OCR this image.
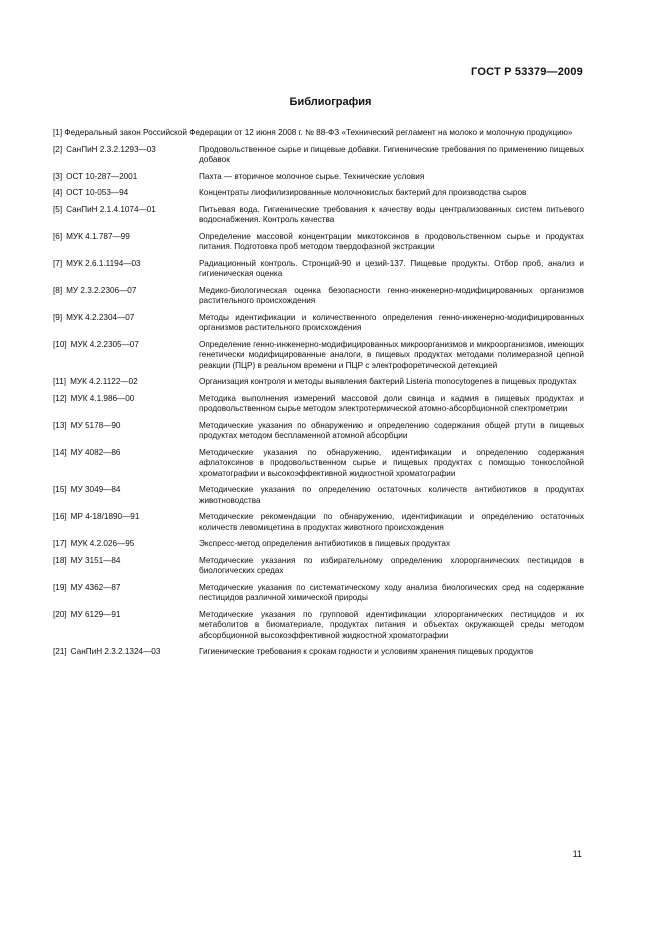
ГОСТ Р 53379—2009
Библиография
[1] Федеральный закон Российской Федерации от 12 июня 2008 г. № 88-ФЗ «Технический регламент на молоко и молочную продукцию»
[2] СанПиН 2.3.2.1293—03	Продовольственное сырье и пищевые добавки. Гигиенические требования по применению пищевых добавок
[3] ОСТ 10-287—2001	Пахта — вторичное молочное сырье. Технические условия
[4] ОСТ 10-053—94	Концентраты лиофилизированные молочнокислых бактерий для производства сыров
[5] СанПиН 2.1.4.1074—01	Питьевая вода. Гигиенические требования к качеству воды централизованных систем питьевого водоснабжения. Контроль качества
[6] МУК 4.1.787—99	Определение массовой концентрации микотоксинов в продовольственном сырье и продуктах питания. Подготовка проб методом твердофазной экстракции
[7] МУК 2.6.1.1194—03	Радиационный контроль. Стронций-90 и цезий-137. Пищевые продукты. Отбор проб, анализ и гигиеническая оценка
[8] МУ 2.3.2.2306—07	Медико-биологическая оценка безопасности генно-инженерно-модифицированных организмов растительного происхождения
[9] МУК 4.2.2304—07	Методы идентификации и количественного определения генно-инженерно-модифицированных организмов растительного происхождения
[10] МУК 4.2.2305—07	Определение генно-инженерно-модифицированных микроорганизмов и микроорганизмов, имеющих генетически модифицированные аналоги, в пищевых продуктах методами полимеразной цепной реакции (ПЦР) в реальном времени и ПЦР с электрофоретической детекцией
[11] МУК 4.2.1122—02	Организация контроля и методы выявления бактерий Listeria monocytogenes в пищевых продуктах
[12] МУК 4.1.986—00	Методика выполнения измерений массовой доли свинца и кадмия в пищевых продуктах и продовольственном сырье методом электротермической атомно-абсорбционной спектрометрии
[13] МУ 5178—90	Методические указания по обнаружению и определению содержания общей ртути в пищевых продуктах методом беспламенной атомной абсорбции
[14] МУ 4082—86	Методические указания по обнаружению, идентификации и определению содержания афлатоксинов в продовольственном сырье и пищевых продуктах с помощью тонкослойной хроматографии и высокоэффективной жидкостной хроматографии
[15] МУ 3049—84	Методические указания по определению остаточных количеств антибиотиков в продуктах животноводства
[16] МР 4-18/1890—91	Методические рекомендации по обнаружению, идентификации и определению остаточных количеств левомицетина в продуктах животного происхождения
[17] МУК 4.2.026—95	Экспресс-метод определения антибиотиков в пищевых продуктах
[18] МУ 3151—84	Методические указания по избирательному определению хлорорганических пестицидов в биологических средах
[19] МУ 4362—87	Методические указания по систематическому ходу анализа биологических сред на содержание пестицидов различной химической природы
[20] МУ 6129—91	Методические указания по групповой идентификации хлорорганических пестицидов и их метаболитов в биоматериале, продуктах питания и объектах окружающей среды методом абсорбционной высокоэффективной жидкостной хроматографии
[21] СанПиН 2.3.2.1324—03	Гигиенические требования к срокам годности и условиям хранения пищевых продуктов
11
